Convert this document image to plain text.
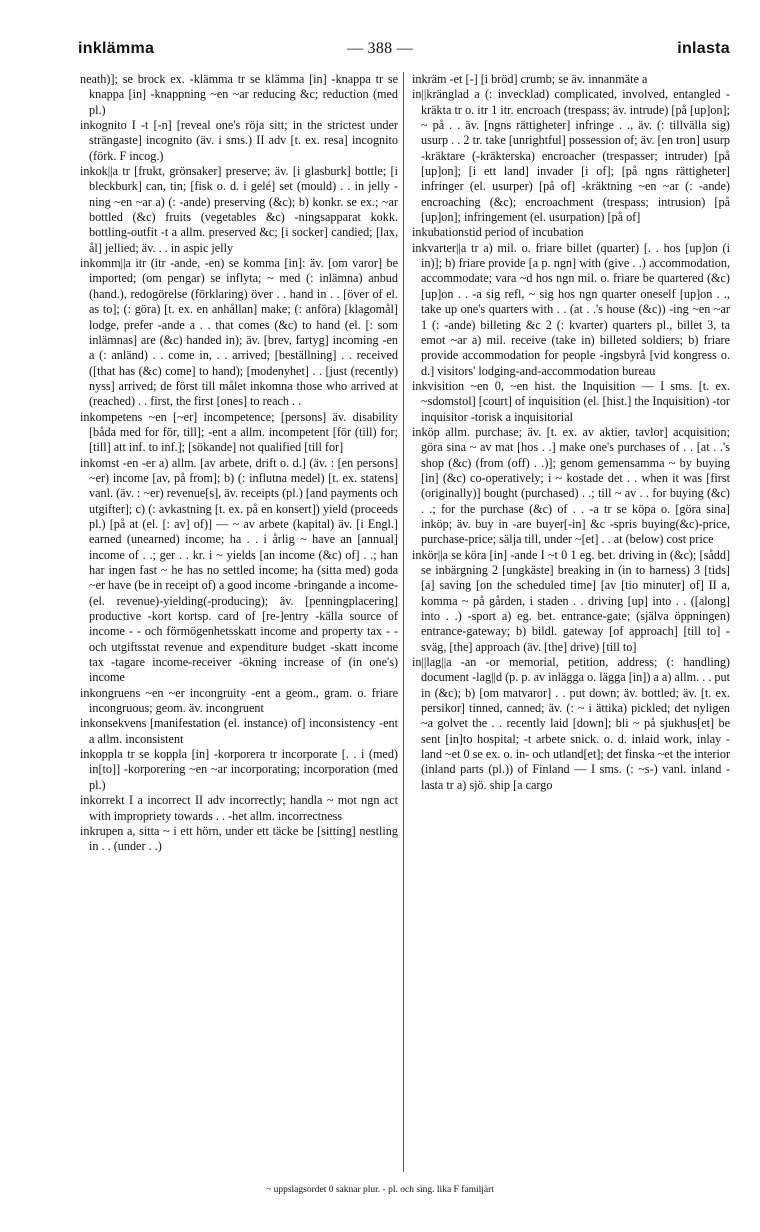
inklämma	— 388 —	inlasta

neath)]; se brock ex. -klämma tr se klämma [in] -knappa tr se knappa [in] -knappning ~en ~ar reducing &c; reduction (med pl.)

inkognito I -t [-n] [reveal one's röja sitt; in the strictest under strängaste] incognito (äv. i sms.) II adv [t. ex. resa] incognito (förk. F incog.)

inkok||a tr [frukt, grönsaker] preserve; äv. [i glasburk] bottle; [i bleckburk] can, tin; [fisk o. d. i gelé] set (mould) . . in jelly -ning ~en ~ar a) (: -ande) preserving (&c); b) konkr. se ex.; ~ar bottled (&c) fruits (vegetables &c) -ningsapparat kokk. bottling-outfit -t a allm. preserved &c; [i socker] candied; [lax, ål] jellied; äv. . . in aspic jelly

inkomm||a itr (itr -ande, -en) se komma [in]: äv. [om varor] be imported; (om pengar) se inflyta; ~ med (: inlämna) anbud (hand.), redogörelse (förklaring) över . . hand in . . [över of el. as to]; (: göra) [t. ex. en anhållan] make; (: anföra) [klagomål] lodge, prefer -ande a . . that comes (&c) to hand (el. [: som inlämnas] are (&c) handed in); äv. [brev, fartyg] incoming -en a (: anländ) . . come in, . . arrived; [beställning] . . received ([that has (&c) come] to hand); [modenyhet] . . [just (recently) nyss] arrived; de först till målet inkomna those who arrived at (reached) . . first, the first [ones] to reach . .

inkompetens ~en [~er] incompetence; [persons] äv. disability [båda med for för, till]; -ent a allm. incompetent [för (till) for; [till] att inf. to inf.]; [sökande] not qualified [till for]

inkomst -en -er a) allm. [av arbete, drift o. d.] (äv. : [en persons] ~er) income [av, på from]; b) (: influtna medel) [t. ex. statens] vanl. (äv. : ~er) revenue[s], äv. receipts (pl.) [and payments och utgifter]; c) (: avkastning [t. ex. på en konsert]) yield (proceeds pl.) [på at (el. [: av] of)] — ~ av arbete (kapital) äv. [i Engl.] earned (unearned) income; ha . . i årlig ~ have an [annual] income of . .; ger . . kr. i ~ yields [an income (&c) of] . .; han har ingen fast ~ he has no settled income; ha (sitta med) goda ~er have (be in receipt of) a good income -bringande a income-(el. revenue)-yielding(-producing); äv. [penningplacering] productive -kort kortsp. card of [re-]entry -källa source of income - - och förmögenhetsskatt income and property tax - - och utgiftsstat revenue and expenditure budget -skatt income tax -tagare income-receiver -ökning increase of (in one's) income

inkongruens ~en ~er incongruity -ent a geom., gram. o. friare incongruous; geom. äv. incongruent

inkonsekvens [manifestation (el. instance) of] inconsistency -ent a allm. inconsistent

inkoppla tr se koppla [in] -korporera tr incorporate [. . i (med) in[to]] -korporering ~en ~ar incorporating; incorporation (med pl.)

inkorrekt I a incorrect II adv incorrectly; handla ~ mot ngn act with impropriety towards . . -het allm. incorrectness

inkrupen a, sitta ~ i ett hörn, under ett täcke be [sitting] nestling in . . (under . .)

inkräm -et [-] [i bröd] crumb; se äv. innanmäte a

in||kränglad a (: invecklad) complicated, involved, entangled -kräkta tr o. itr 1 itr. encroach (trespass; äv. intrude) [på [up]on]; ~ på . . äv. [ngns rättigheter] infringe . ., äv. (: tillvälla sig) usurp . . 2 tr. take [unrightful] possession of; äv. [en tron] usurp -kräktare (-kräkterska) encroacher (trespasser; intruder) [på [up]on]; [i ett land] invader [i of]; [på ngns rättigheter] infringer (el. usurper) [på of] -kräktning ~en ~ar (: -ande) encroaching (&c); encroachment (trespass; intrusion) [på [up]on]; infringement (el. usurpation) [på of]

inkubationstid period of incubation

inkvarter||a tr a) mil. o. friare billet (quarter) [. . hos [up]on (i in)]; b) friare provide [a p. ngn] with (give . .) accommodation, accommodate; vara ~d hos ngn mil. o. friare be quartered (&c) [up]on . . -a sig refl, ~ sig hos ngn quarter oneself [up]on . ., take up one's quarters with . . (at . .'s house (&c)) -ing ~en ~ar 1 (: -ande) billeting &c 2 (: kvarter) quarters pl., billet 3, ta emot ~ar a) mil. receive (take in) billeted soldiers; b) friare provide accommodation for people -ingsbyrå [vid kongress o. d.] visitors' lodging-and-accommodation bureau

inkvisition ~en 0, ~en hist. the Inquisition — I sms. [t. ex. ~sdomstol] [court] of inquisition (el. [hist.] the Inquisition) -tor inquisitor -torisk a inquisitorial

inköp allm. purchase; äv. [t. ex. av aktier, tavlor] acquisition; göra sina ~ av mat [hos . .] make one's purchases of . . [at . .'s shop (&c) (from (off) . .)]; genom gemensamma ~ by buying [in] (&c) co-operatively; i ~ kostade det . . when it was [first (originally)] bought (purchased) . .; till ~ av . . for buying (&c) . .; for the purchase (&c) of . . -a tr se köpa o. [göra sina] inköp; äv. buy in -are buyer[-in] &c -spris buying(&c)-price, purchase-price; sälja till, under ~[et] . . at (below) cost price

inkör||a se köra [in] -ande I ~t 0 1 eg. bet. driving in (&c); [sådd] se inbärgning 2 [ungkäste] breaking in (in to harness) 3 [tids] [a] saving [on the scheduled time] [av [tio minuter] of] II a, komma ~ på gården, i staden . . driving [up] into . . ([along] into . .) -sport a) eg. bet. entrance-gate; (själva öppningen) entrance-gateway; b) bildl. gateway [of approach] [till to] -sväg, [the] approach (äv. [the] drive) [till to]

in||lag||a -an -or memorial, petition, address; (: handling) document -lag||d (p. p. av inlägga o. lägga [in]) a a) allm. . . put in (&c); b) [om matvaror] . . put down; äv. bottled; äv. [t. ex. persikor] tinned, canned; äv. (: ~ i ättika) pickled; det nyligen ~a golvet the . . recently laid [down]; bli ~ på sjukhus[et] be sent [in]to hospital; -t arbete snick. o. d. inlaid work, inlay -land ~et 0 se ex. o. in- och utland[et]; det finska ~et the interior (inland parts (pl.)) of Finland — I sms. (: ~s-) vanl. inland -lasta tr a) sjö. ship [a cargo

~ uppslagsordet 0 saknar plur. - pl. och sing. lika F familjärt
